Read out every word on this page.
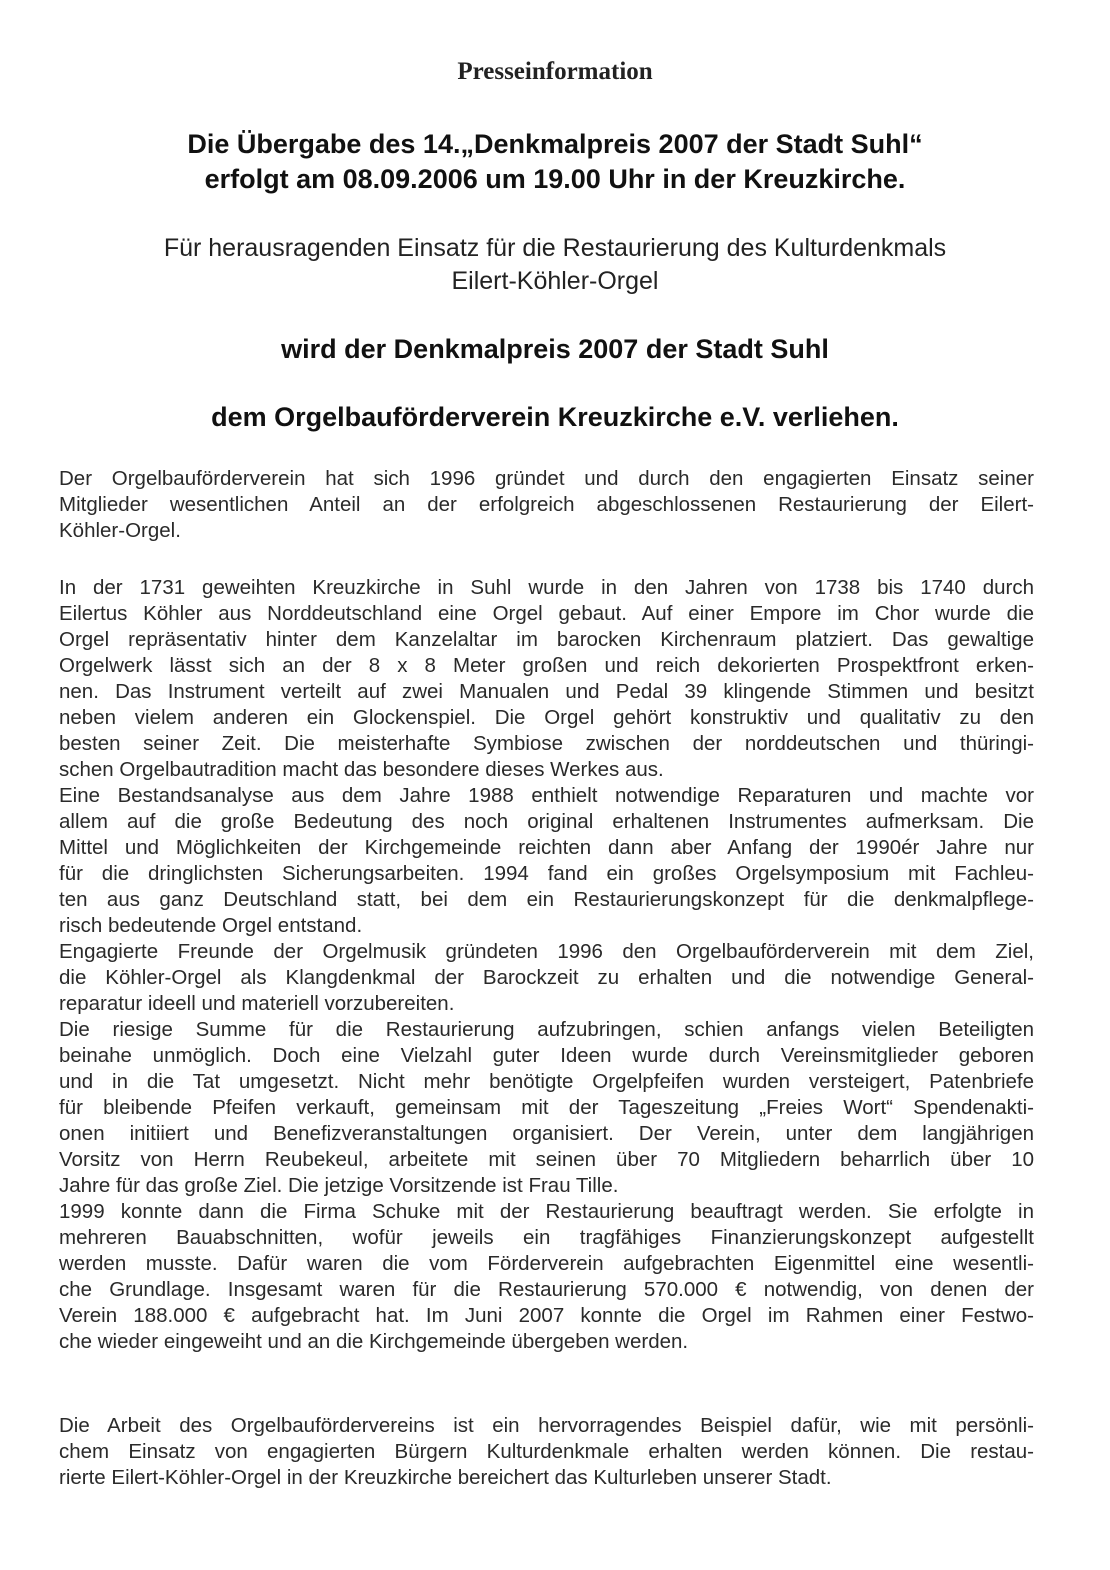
Presseinformation
Die Übergabe des 14.„Denkmalpreis 2007 der Stadt Suhl“
erfolgt am 08.09.2006 um 19.00 Uhr in der Kreuzkirche.
Für herausragenden Einsatz für die Restaurierung des Kulturdenkmals
Eilert-Köhler-Orgel
wird der Denkmalpreis 2007 der Stadt Suhl
dem Orgelbauförderverein Kreuzkirche e.V. verliehen.
Der Orgelbauförderverein hat sich 1996 gründet und durch den engagierten Einsatz seiner
Mitglieder wesentlichen Anteil an der erfolgreich abgeschlossenen Restaurierung der Eilert-
Köhler-Orgel.
In der 1731 geweihten Kreuzkirche in Suhl wurde in den Jahren von 1738 bis 1740 durch
Eilertus Köhler aus Norddeutschland eine Orgel gebaut. Auf einer Empore im Chor wurde die
Orgel repräsentativ hinter dem Kanzelaltar im barocken Kirchenraum platziert. Das gewaltige
Orgelwerk lässt sich an der 8 x 8 Meter großen und reich dekorierten Prospektfront erken-
nen. Das Instrument verteilt auf zwei Manualen und Pedal 39 klingende Stimmen und besitzt
neben vielem anderen ein Glockenspiel. Die Orgel gehört konstruktiv und qualitativ zu den
besten seiner Zeit. Die meisterhafte Symbiose zwischen der norddeutschen und thüringi-
schen Orgelbautradition macht das besondere dieses Werkes aus.
Eine Bestandsanalyse aus dem Jahre 1988 enthielt notwendige Reparaturen und machte vor
allem auf die große Bedeutung des noch original erhaltenen Instrumentes aufmerksam. Die
Mittel und Möglichkeiten der Kirchgemeinde reichten dann aber Anfang der 1990ér Jahre nur
für die dringlichsten Sicherungsarbeiten. 1994 fand ein großes Orgelsymposium mit Fachleu-
ten aus ganz Deutschland statt, bei dem ein Restaurierungskonzept für die denkmalpflege-
risch bedeutende Orgel entstand.
Engagierte Freunde der Orgelmusik gründeten 1996 den Orgelbauförderverein mit dem Ziel,
die Köhler-Orgel als Klangdenkmal der Barockzeit zu erhalten und die notwendige General-
reparatur ideell und materiell vorzubereiten.
Die riesige Summe für die Restaurierung aufzubringen, schien anfangs vielen Beteiligten
beinahe unmöglich. Doch eine Vielzahl guter Ideen wurde durch Vereinsmitglieder geboren
und in die Tat umgesetzt. Nicht mehr benötigte Orgelpfeifen wurden versteigert, Patenbriefe
für bleibende Pfeifen verkauft, gemeinsam mit der Tageszeitung „Freies Wort“ Spendenakti-
onen initiiert und Benefizveranstaltungen organisiert. Der Verein, unter dem langjährigen
Vorsitz von Herrn Reubekeul, arbeitete mit seinen über 70 Mitgliedern beharrlich über 10
Jahre für das große Ziel. Die jetzige Vorsitzende ist Frau Tille.
1999 konnte dann die Firma Schuke mit der Restaurierung beauftragt werden. Sie erfolgte in
mehreren Bauabschnitten, wofür jeweils ein tragfähiges Finanzierungskonzept aufgestellt
werden musste. Dafür waren die vom Förderverein aufgebrachten Eigenmittel eine wesentli-
che Grundlage. Insgesamt waren für die Restaurierung 570.000 € notwendig, von denen der
Verein 188.000 € aufgebracht hat. Im Juni 2007 konnte die Orgel im Rahmen einer Festwo-
che wieder eingeweiht und an die Kirchgemeinde übergeben werden.
Die Arbeit des Orgelbaufördervereins ist ein hervorragendes Beispiel dafür, wie mit persönli-
chem Einsatz von engagierten Bürgern Kulturdenkmale erhalten werden können. Die restau-
rierte Eilert-Köhler-Orgel in der Kreuzkirche bereichert das Kulturleben unserer Stadt.
